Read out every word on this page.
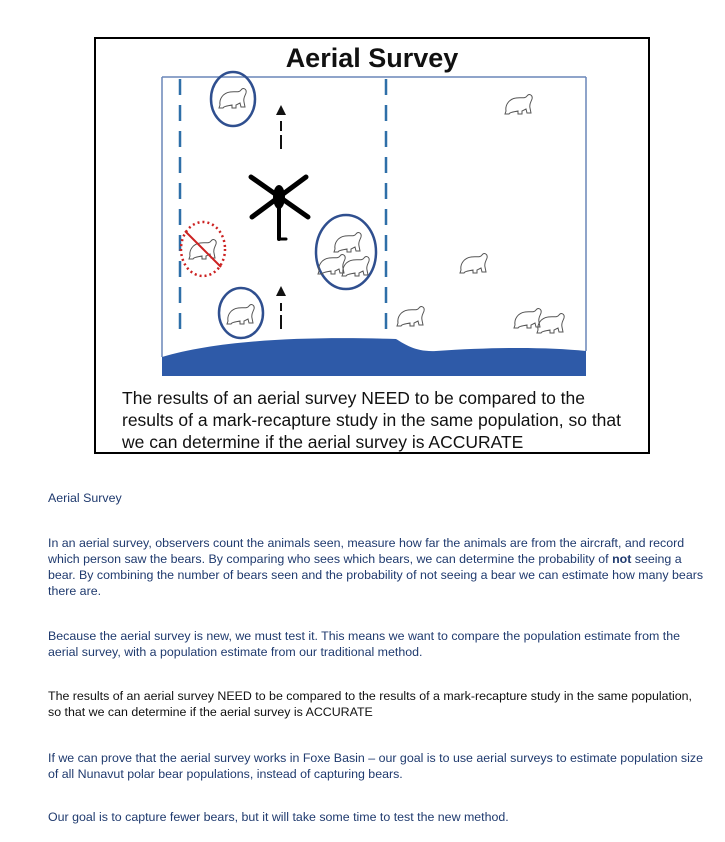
Aerial Survey
The results of an aerial survey NEED to be compared to the results of a mark-recapture study in the same population, so that we can determine if the aerial survey is ACCURATE
Aerial Survey
In an aerial survey, observers count the animals seen, measure how far the animals are from the aircraft, and record which person saw the bears. By comparing who sees which bears, we can determine the probability of not seeing a bear. By combining the number of bears seen and the probability of not seeing a bear we can estimate how many bears there are.
Because the aerial survey is new, we must test it. This means we want to compare the population estimate from the aerial survey, with a population estimate from our traditional method.
The results of an aerial survey NEED to be compared to the results of a mark-recapture study in the same population, so that we can determine if the aerial survey is ACCURATE
If we can prove that the aerial survey works in Foxe Basin – our goal is to use aerial surveys to estimate population size of all Nunavut polar bear populations, instead of capturing bears.
Our goal is to capture fewer bears, but it will take some time to test the new method.
